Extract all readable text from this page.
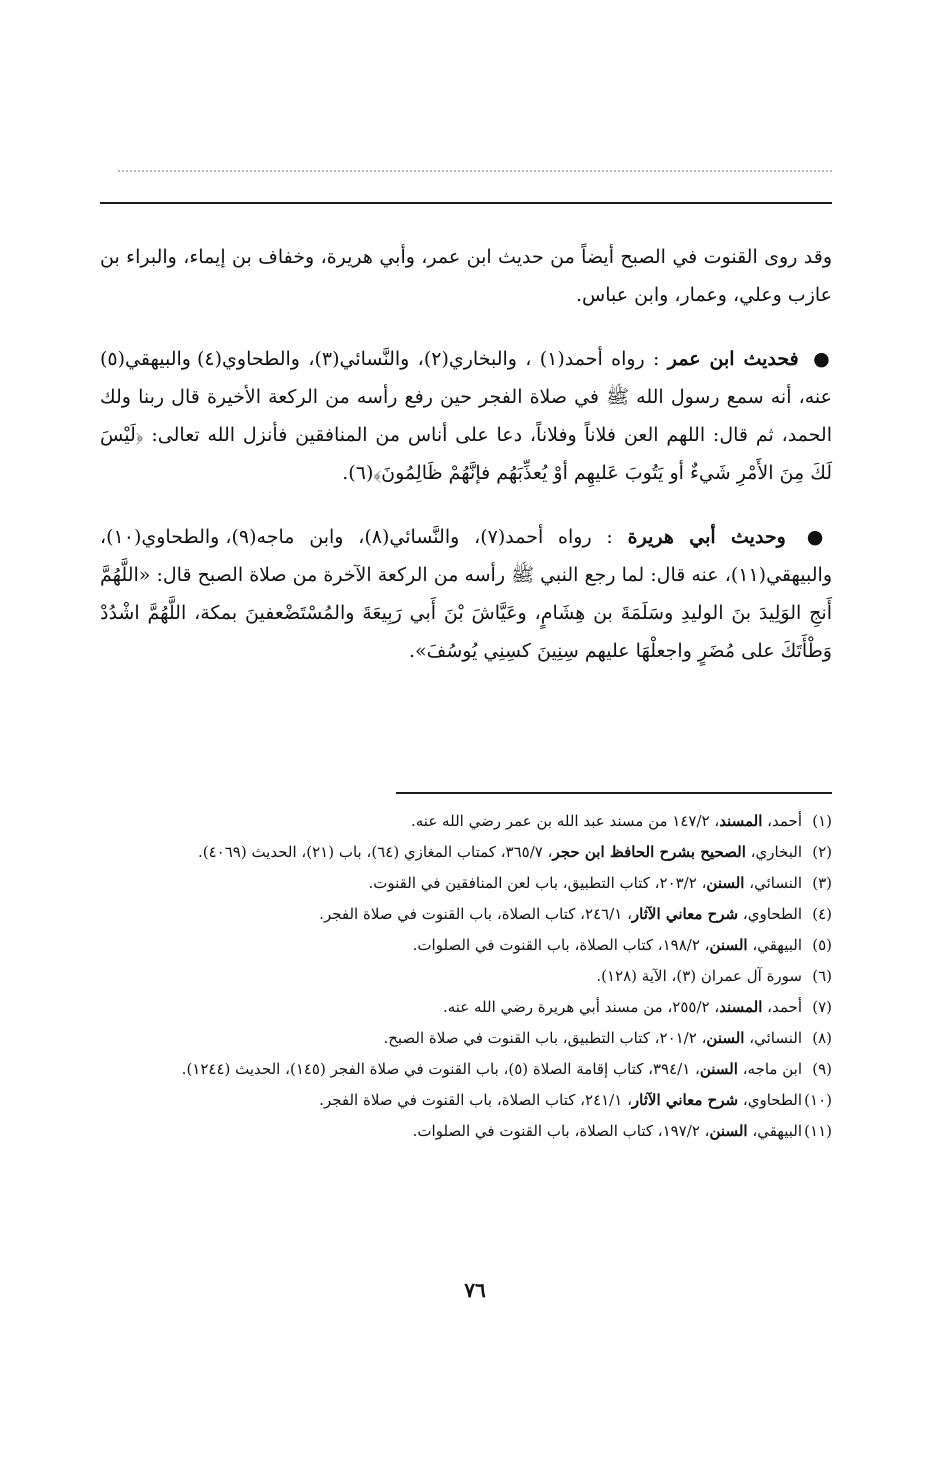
وقد روى القنوت في الصبح أيضاً من حديث ابن عمر، وأبي هريرة، وخفاف بن إيماء، والبراء بن عازب وعلي، وعمار، وابن عباس.

● فحديث ابن عمر : رواه أحمد(١) ، والبخاري(٢)، والنَّسائي(٣)، والطحاوي(٤) والبيهقي(٥) عنه، أنه سمع رسول الله ﷺ في صلاة الفجر حين رفع رأسه من الركعة الأخيرة قال ربنا ولك الحمد، ثم قال: اللهم العن فلاناً وفلاناً، دعا على أناس من المنافقين فأنزل الله تعالى: ﴿لَيْسَ لَكَ مِنَ الأَمْرِ شَيءٌ أو يَتُوبَ عَليهِم أوْ يُعذِّبَهُم فإنَّهُمْ ظَالِمُونَ﴾(٦).

● وحديث أبي هريرة : رواه أحمد(٧)، والنَّسائي(٨)، وابن ماجه(٩)، والطحاوي(١٠)، والبيهقي(١١)، عنه قال: لما رجع النبي ﷺ رأسه من الركعة الآخرة من صلاة الصبح قال: «اللَّهُمَّ أَنجِ الوَلِيدَ بنَ الوليدِ وسَلَمَةَ بن هِشَامٍ، وعَيَّاشَ بْنَ أَبي رَبِيعَةَ والمُسْتَضْعفينَ بمكة، اللَّهُمَّ اشْدُدْ وَطْأَتَكَ على مُضَرٍ واجعلْهَا عليهم سِنِينَ كسِنِي يُوسُفَ».

(١)
أحمد، المسند، ١٤٧/٢ من مسند عبد الله بن عمر رضي الله عنه.
(٢)
البخاري، الصحيح بشرح الحافظ ابن حجر، ٣٦٥/٧، كمتاب المغازي (٦٤)، باب (٢١)، الحديث (٤٠٦٩).
(٣)
النسائي، السنن، ٢٠٣/٢، كتاب التطبيق، باب لعن المنافقين في القنوت.
(٤)
الطحاوي، شرح معاني الآثار، ٢٤٦/١، كتاب الصلاة، باب القنوت في صلاة الفجر.
(٥)
البيهقي، السنن، ١٩٨/٢، كتاب الصلاة، باب القنوت في الصلوات.
(٦)
سورة آل عمران (٣)، الآية (١٢٨).
(٧)
أحمد، المسند، ٢٥٥/٢، من مسند أبي هريرة رضي الله عنه.
(٨)
النسائي، السنن، ٢٠١/٢، كتاب التطبيق، باب القنوت في صلاة الصبح.
(٩)
ابن ماجه، السنن، ٣٩٤/١، كتاب إقامة الصلاة (٥)، باب القنوت في صلاة الفجر (١٤٥)، الحديث (١٢٤٤).
(١٠)
الطحاوي، شرح معاني الآثار، ٢٤١/١، كتاب الصلاة، باب القنوت في صلاة الفجر.
(١١)
البيهقي، السنن، ١٩٧/٢، كتاب الصلاة، باب القنوت في الصلوات.
٧٦
